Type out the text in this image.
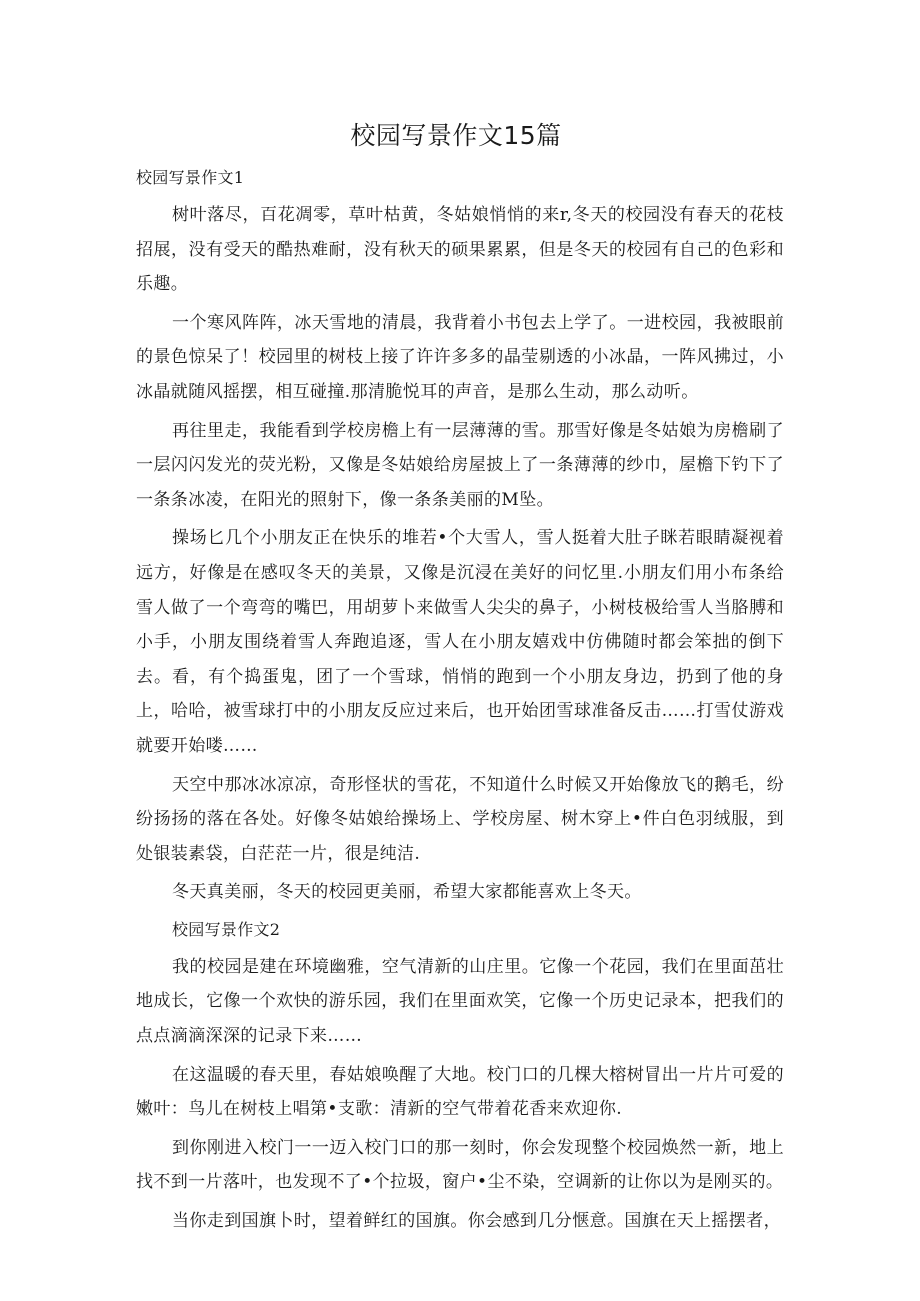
校园写景作文15篇
校园写景作文1

树叶落尽，百花凋零，草叶枯黄，冬姑娘悄悄的来r,冬天的校园没有春天的花枝招展，没有受天的酷热难耐，没有秋天的硕果累累，但是冬天的校园有自己的色彩和乐趣。

一个寒风阵阵，冰天雪地的清晨，我背着小书包去上学了。一进校园，我被眼前的景色惊呆了！校园里的树枝上接了许许多多的晶莹剔透的小冰晶，一阵风拂过，小冰晶就随风摇摆，相互碰撞.那清脆悦耳的声音，是那么生动，那么动听。

再往里走，我能看到学校房檐上有一层薄薄的雪。那雪好像是冬姑娘为房檐刷了一层闪闪发光的荧光粉，又像是冬姑娘给房屋披上了一条薄薄的纱巾，屋檐下钓下了一条条冰凌，在阳光的照射下，像一条条美丽的M坠。

操场匕几个小朋友正在快乐的堆若•个大雪人，雪人挺着大肚子眯若眼睛凝视着远方，好像是在感叹冬天的美景，又像是沉浸在美好的问忆里.小朋友们用小布条给雪人做了一个弯弯的嘴巴，用胡萝卜来做雪人尖尖的鼻子，小树枝极给雪人当胳膊和小手，小朋友围绕着雪人奔跑追逐，雪人在小朋友嬉戏中仿佛随时都会笨拙的倒下去。看，有个捣蛋鬼，团了一个雪球，悄悄的跑到一个小朋友身边，扔到了他的身上，哈哈，被雪球打中的小朋友反应过来后，也开始团雪球准备反击……打雪仗游戏就要开始喽……

天空中那冰冰凉凉，奇形怪状的雪花，不知道什么时候又开始像放飞的鹅毛，纷纷扬扬的落在各处。好像冬姑娘给操场上、学校房屋、树木穿上•件白色羽绒服，到处银装素袋，白茫茫一片，很是纯洁.

冬天真美丽，冬天的校园更美丽，希望大家都能喜欢上冬天。

校园写景作文2

我的校园是建在环境幽雅，空气清新的山庄里。它像一个花园，我们在里面茁壮地成长，它像一个欢快的游乐园，我们在里面欢笑，它像一个历史记录本，把我们的点点滴滴深深的记录下来……

在这温暖的春天里，春姑娘唤醒了大地。校门口的几棵大榕树冒出一片片可爱的嫩叶：鸟儿在树枝上唱第•支歌：清新的空气带着花香来欢迎你.

到你刚进入校门一一迈入校门口的那一刻时，你会发现整个校园焕然一新，地上找不到一片落叶，也发现不了•个拉圾，窗户•尘不染，空调新的让你以为是刚买的。

当你走到国旗卜时，望着鲜红的国旗。你会感到几分惬意。国旗在天上摇摆者，
